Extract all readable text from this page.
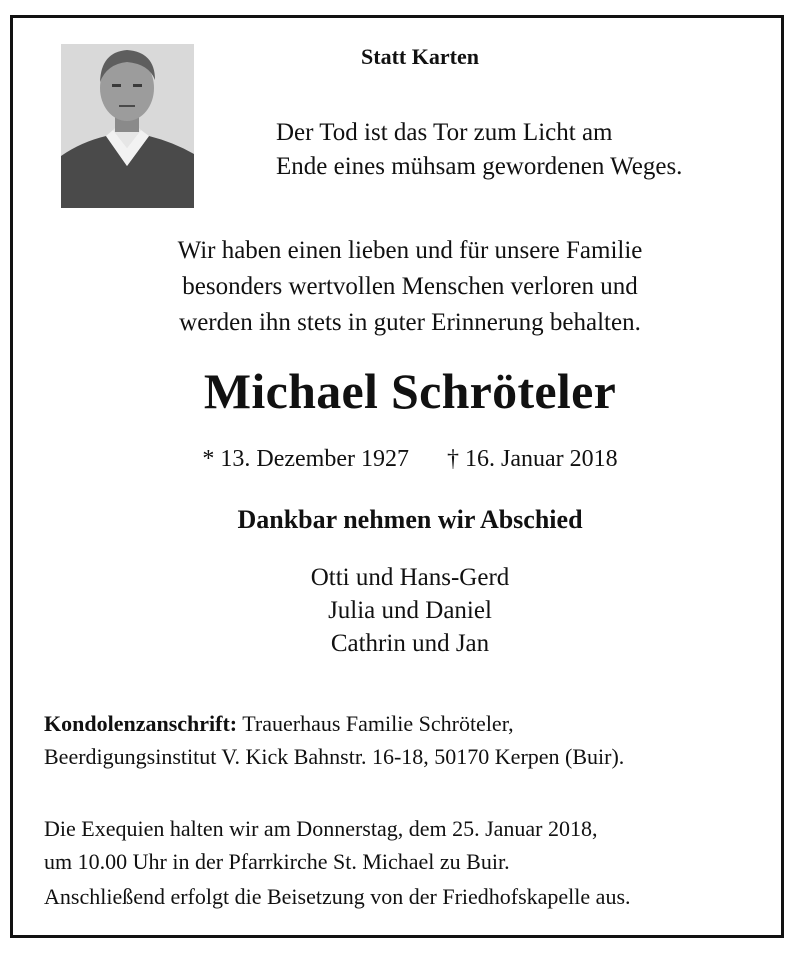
Statt Karten
Der Tod ist das Tor zum Licht am
Ende eines mühsam gewordenen Weges.
Wir haben einen lieben und für unsere Familie
besonders wertvollen Menschen verloren und
werden ihn stets in guter Erinnerung behalten.
Michael Schröteler
* 13. Dezember 1927 † 16. Januar 2018
Dankbar nehmen wir Abschied
Otti und Hans-Gerd
Julia und Daniel
Cathrin und Jan
Kondolenzanschrift: Trauerhaus Familie Schröteler,
Beerdigungsinstitut V. Kick Bahnstr. 16-18, 50170 Kerpen (Buir).
Die Exequien halten wir am Donnerstag, dem 25. Januar 2018,
um 10.00 Uhr in der Pfarrkirche St. Michael zu Buir.
Anschließend erfolgt die Beisetzung von der Friedhofskapelle aus.
